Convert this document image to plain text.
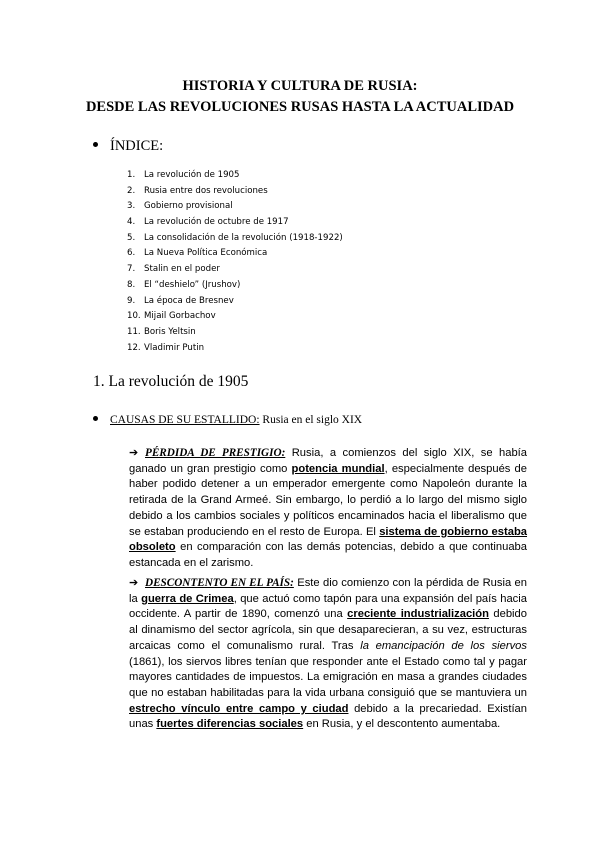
HISTORIA Y CULTURA DE RUSIA:
DESDE LAS REVOLUCIONES RUSAS HASTA LA ACTUALIDAD
ÍNDICE:
1. La revolución de 1905
2. Rusia entre dos revoluciones
3. Gobierno provisional
4. La revolución de octubre de 1917
5. La consolidación de la revolución (1918-1922)
6. La Nueva Política Económica
7. Stalin en el poder
8. El “deshielo” (Jrushov)
9. La época de Bresnev
10. Mijail Gorbachov
11. Boris Yeltsin
12. Vladimir Putin
1. La revolución de 1905
CAUSAS DE SU ESTALLIDO: Rusia en el siglo XIX
➔ PÉRDIDA DE PRESTIGIO: Rusia, a comienzos del siglo XIX, se había ganado un gran prestigio como potencia mundial, especialmente después de haber podido detener a un emperador emergente como Napoleón durante la retirada de la Grand Armeé. Sin embargo, lo perdió a lo largo del mismo siglo debido a los cambios sociales y políticos encaminados hacia el liberalismo que se estaban produciendo en el resto de Europa. El sistema de gobierno estaba obsoleto en comparación con las demás potencias, debido a que continuaba estancada en el zarismo.
➔ DESCONTENTO EN EL PAÍS: Este dio comienzo con la pérdida de Rusia en la guerra de Crimea, que actuó como tapón para una expansión del país hacia occidente. A partir de 1890, comenzó una creciente industrialización debido al dinamismo del sector agrícola, sin que desaparecieran, a su vez, estructuras arcaicas como el comunalismo rural. Tras la emancipación de los siervos (1861), los siervos libres tenían que responder ante el Estado como tal y pagar mayores cantidades de impuestos. La emigración en masa a grandes ciudades que no estaban habilitadas para la vida urbana consiguió que se mantuviera un estrecho vínculo entre campo y ciudad debido a la precariedad. Existían unas fuertes diferencias sociales en Rusia, y el descontento aumentaba.
